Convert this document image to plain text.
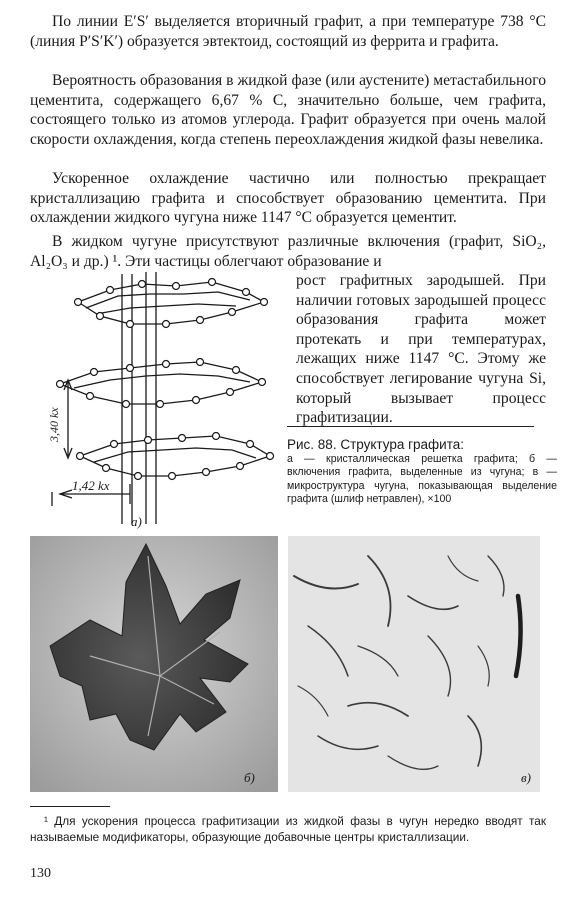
По линии E′S′ выделяется вторичный графит, а при температуре 738 °C (линия P′S′K′) образуется эвтектоид, состоящий из феррита и графита.
Вероятность образования в жидкой фазе (или аустените) метастабильного цементита, содержащего 6,67 % С, значительно больше, чем графита, состоящего только из атомов углерода. Графит образуется при очень малой скорости охлаждения, когда степень переохлаждения жидкой фазы невелика.
Ускоренное охлаждение частично или полностью прекращает кристаллизацию графита и способствует образованию цементита. При охлаждении жидкого чугуна ниже 1147 °C образуется цементит.
В жидком чугуне присутствуют различные включения (графит, SiO₂, Al₂O₃ и др.) ¹. Эти частицы облегчают образование и
рост графитных зародышей. При наличии готовых зародышей процесс образования графита может протекать и при температурах, лежащих ниже 1147 °C. Этому же способствует легирование чугуна Si, который вызывает процесс графитизации.
3,40 kx
1,42 kx
а)
Рис. 88. Структура графита:
а — кристаллическая решетка графита; б — включения графита, выделенные из чугуна; в — микроструктура чугуна, показывающая выделение графита (шлиф нетравлен), ×100
б)	в)
¹ Для ускорения процесса графитизации из жидкой фазы в чугун нередко вводят так называемые модификаторы, образующие добавочные центры кристаллизации.
130
